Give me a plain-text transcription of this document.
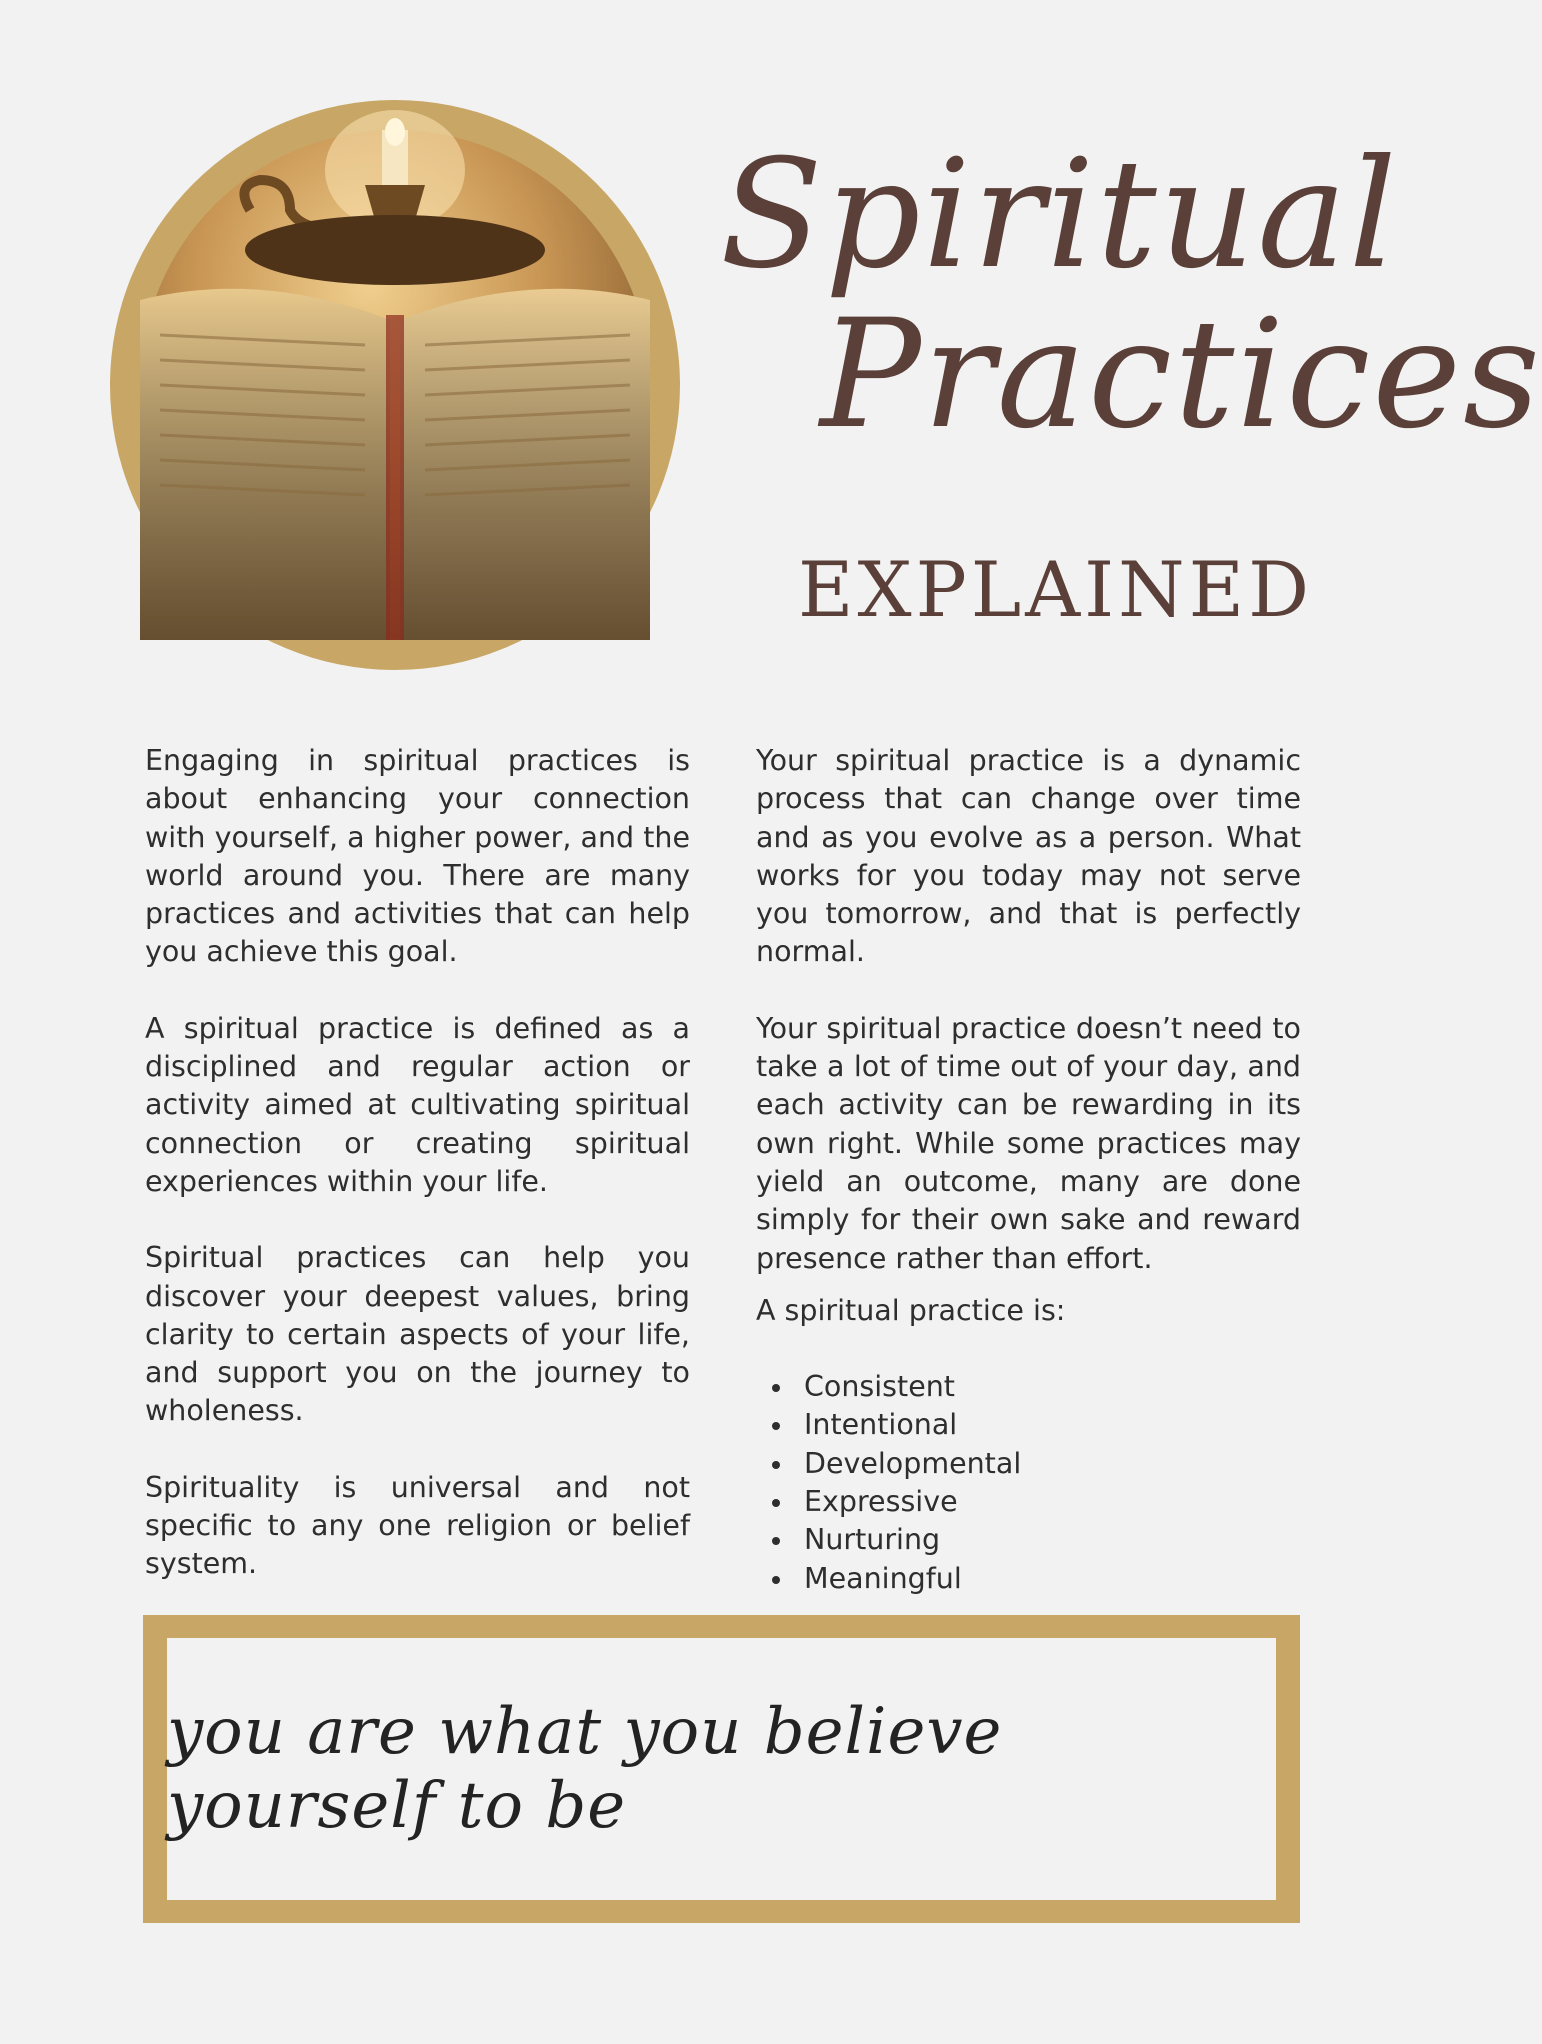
Spiritual
Practices
EXPLAINED

Engaging in spiritual practices is about enhancing your connection with yourself, a higher power, and the world around you. There are many practices and activities that can help you achieve this goal.

A spiritual practice is defined as a disciplined and regular action or activity aimed at cultivating spiritual connection or creating spiritual experiences within your life.

Spiritual practices can help you discover your deepest values, bring clarity to certain aspects of your life, and support you on the journey to wholeness.

Spirituality is universal and not specific to any one religion or belief system.

Your spiritual practice is a dynamic process that can change over time and as you evolve as a person. What works for you today may not serve you tomorrow, and that is perfectly normal.

Your spiritual practice doesn’t need to take a lot of time out of your day, and each activity can be rewarding in its own right. While some practices may yield an outcome, many are done simply for their own sake and reward presence rather than effort.

A spiritual practice is:

Consistent
Intentional
Developmental
Expressive
Nurturing
Meaningful
you are what you believe yourself to be
